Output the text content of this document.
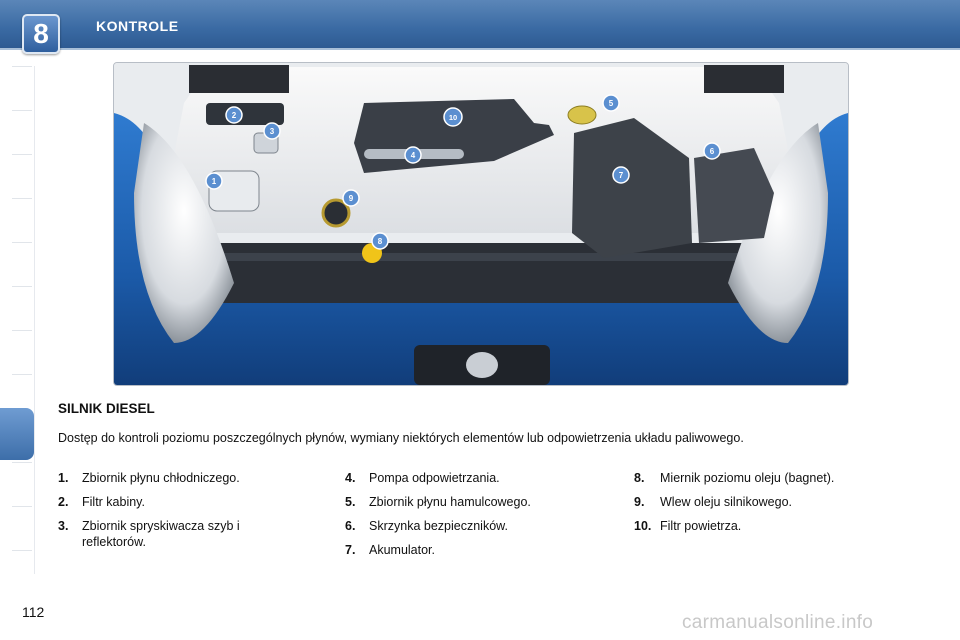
8	KONTROLE
1
2
3
4
5
6
7
8
9
10
SILNIK DIESEL
Dostęp do kontroli poziomu poszczególnych płynów, wymiany niektórych elementów lub odpowietrzenia układu paliwowego.
1. Zbiornik płynu chłodniczego.
2. Filtr kabiny.
3. Zbiornik spryskiwacza szyb i reflektorów.
4. Pompa odpowietrzania.
5. Zbiornik płynu hamulcowego.
6. Skrzynka bezpieczników.
7. Akumulator.
8. Miernik poziomu oleju (bagnet).
9. Wlew oleju silnikowego.
10. Filtr powietrza.
112	carmanualsonline.info
